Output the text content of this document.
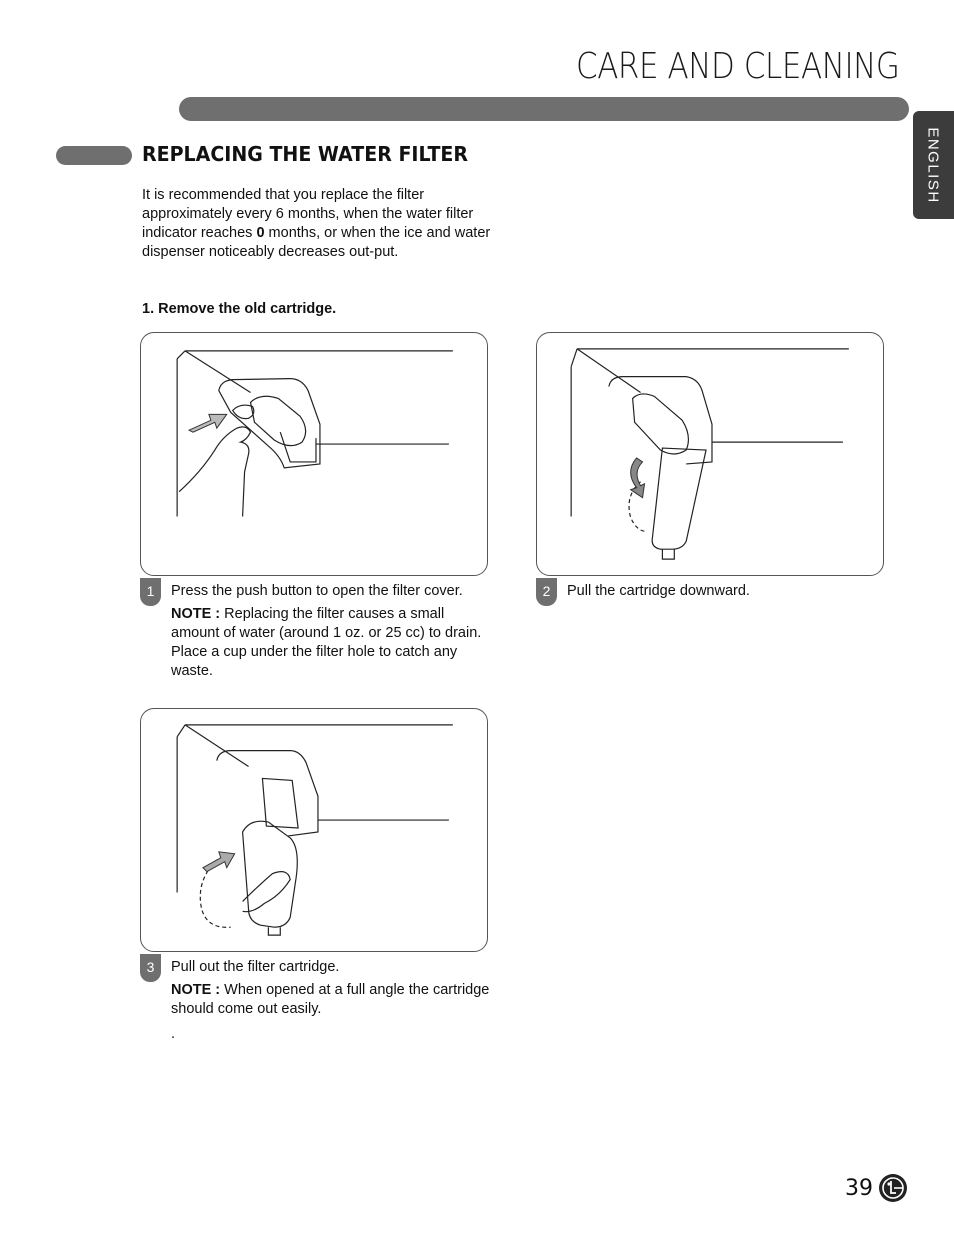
CARE AND CLEANING
ENGLISH
REPLACING THE WATER FILTER

It is recommended that you replace the filter approximately every 6 months, when the water filter indicator reaches 0 months, or when the ice and water dispenser noticeably decreases out-put.

1. Remove the old cartridge.
1	Press the push button to open the filter cover.
NOTE : Replacing the filter causes a small amount of water (around 1 oz. or 25 cc) to drain. Place a cup under the filter hole to catch any waste.
2	Pull the cartridge downward.
3	Pull out the filter cartridge.
NOTE : When opened at a full angle the cartridge should come out easily.
.
39
